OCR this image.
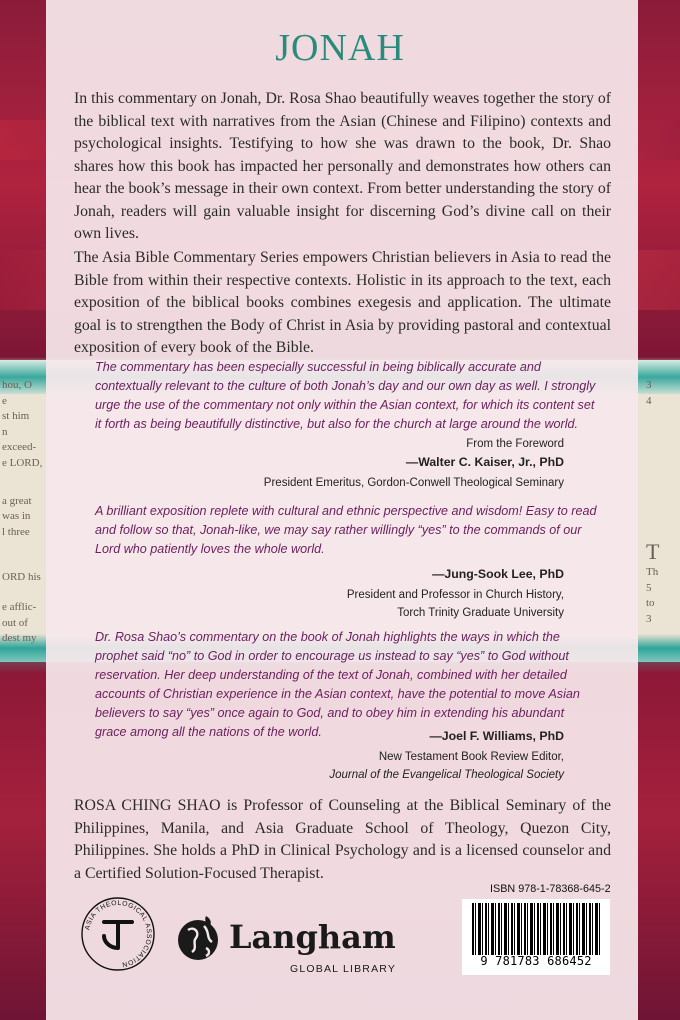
hou, O
e
st him
n
exceed-
e LORD,
a great
was in
l three
ORD his
e afflic-
out of
dest my
3
4
T
Th
5
to
3
JONAH
In this commentary on Jonah, Dr. Rosa Shao beautifully weaves together the story of the biblical text with narratives from the Asian (Chinese and Filipino) contexts and psychological insights. Testifying to how she was drawn to the book, Dr. Shao shares how this book has impacted her personally and demonstrates how others can hear the book’s message in their own context. From better understanding the story of Jonah, readers will gain valuable insight for discerning God’s divine call on their own lives.
The Asia Bible Commentary Series empowers Christian believers in Asia to read the Bible from within their respective contexts. Holistic in its approach to the text, each exposition of the biblical books combines exegesis and application. The ultimate goal is to strengthen the Body of Christ in Asia by providing pastoral and contextual exposition of every book of the Bible.
The commentary has been especially successful in being biblically accurate and contextually relevant to the culture of both Jonah’s day and our own day as well. I strongly urge the use of the commentary not only within the Asian context, for which its content set it forth as being beautifully distinctive, but also for the church at large around the world.
From the Foreword
—Walter C. Kaiser, Jr., PhD
President Emeritus, Gordon-Conwell Theological Seminary
A brilliant exposition replete with cultural and ethnic perspective and wisdom! Easy to read and follow so that, Jonah-like, we may say rather willingly “yes” to the commands of our Lord who patiently loves the whole world.
—Jung-Sook Lee, PhD
President and Professor in Church History,
Torch Trinity Graduate University
Dr. Rosa Shao’s commentary on the book of Jonah highlights the ways in which the prophet said “no” to God in order to encourage us instead to say “yes” to God without reservation. Her deep understanding of the text of Jonah, combined with her detailed accounts of Christian experience in the Asian context, have the potential to move Asian believers to say “yes” once again to God, and to obey him in extending his abundant grace among all the nations of the world.	—Joel F. Williams, PhD
New Testament Book Review Editor,
Journal of the Evangelical Theological Society
ROSA CHING SHAO is Professor of Counseling at the Biblical Seminary of the Philippines, Manila, and Asia Graduate School of Theology, Quezon City, Philippines. She holds a PhD in Clinical Psychology and is a licensed counselor and a Certified Solution-Focused Therapist.
ASIA THEOLOGICAL ASSOCIATION
Langham
GLOBAL LIBRARY
ISBN 978-1-78368-645-2
9 781783 686452
